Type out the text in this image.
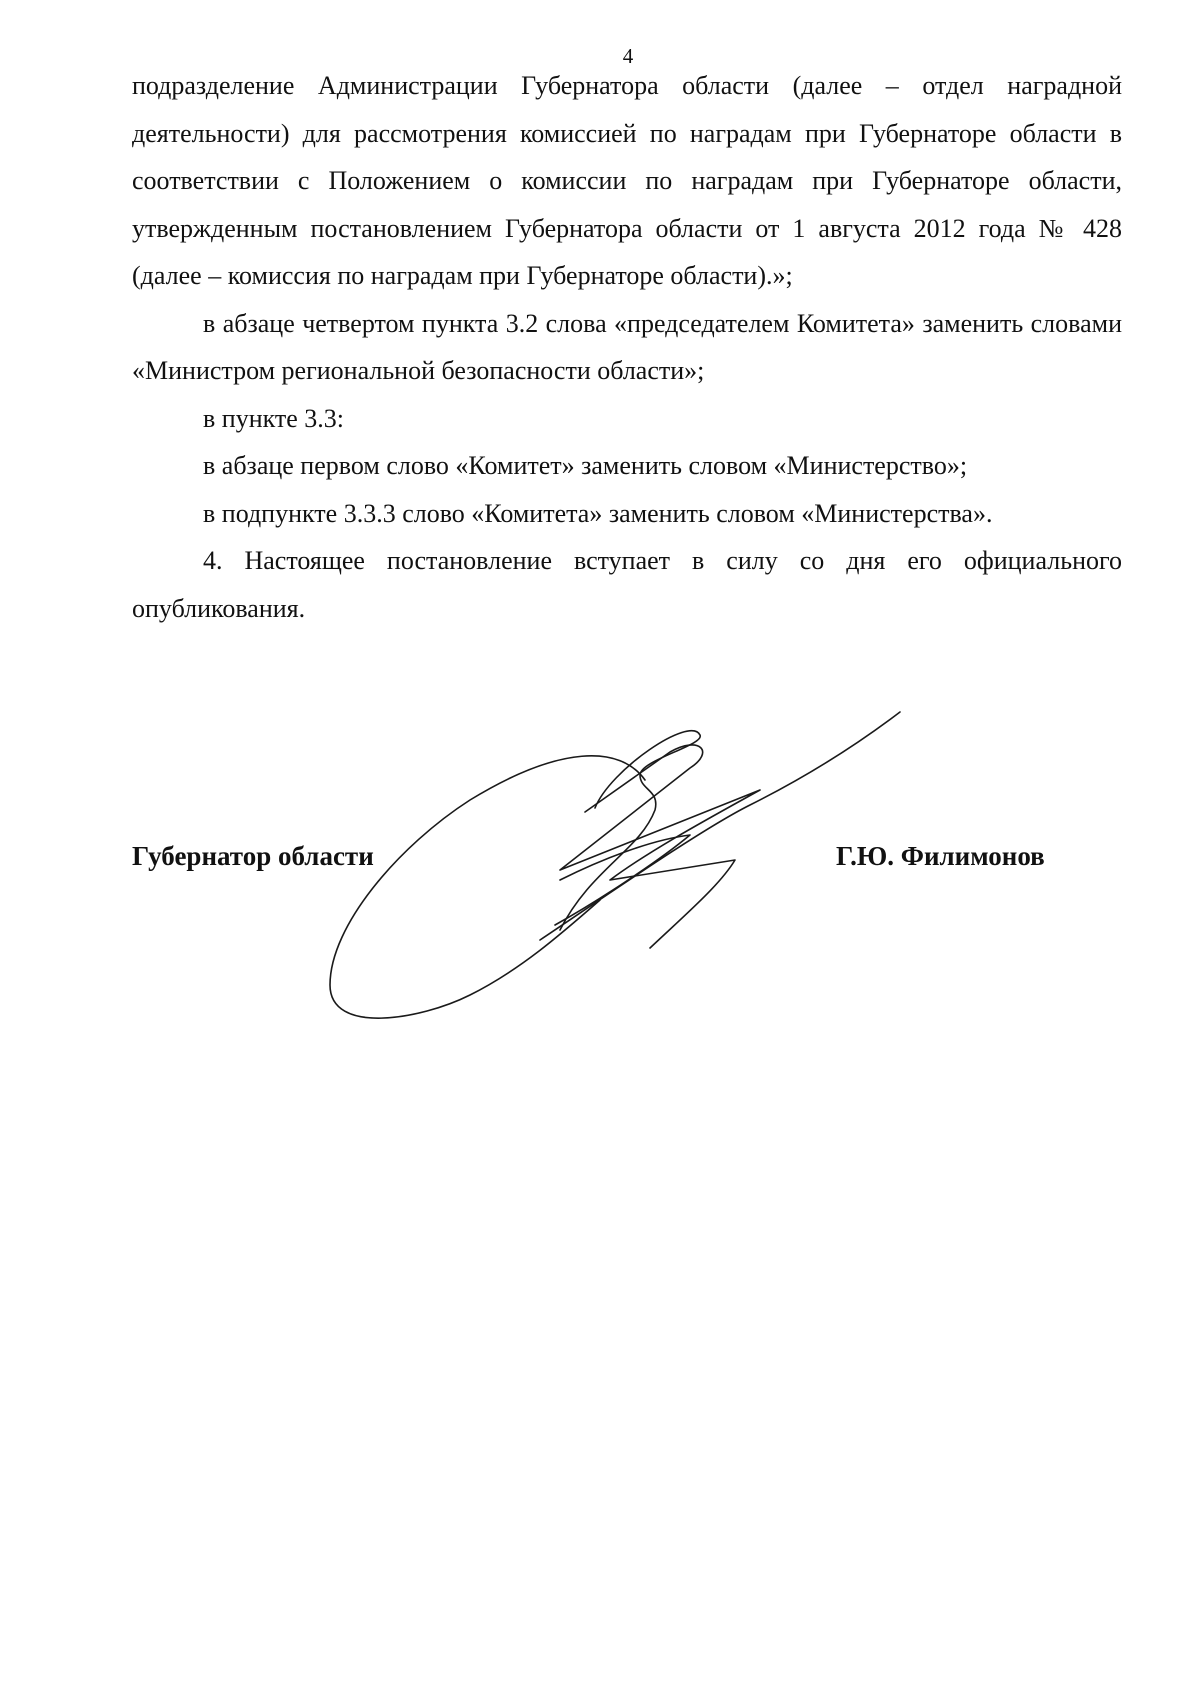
4

подразделение Администрации Губернатора области (далее – отдел наградной деятельности) для рассмотрения комиссией по наградам при Губернаторе области в соответствии с Положением о комиссии по наградам при Губернаторе области, утвержденным постановлением Губернатора области от 1 августа 2012 года № 428 (далее – комиссия по наградам при Губернаторе области).»;

в абзаце четвертом пункта 3.2 слова «председателем Комитета» заменить словами «Министром региональной безопасности области»;

в пункте 3.3:

в абзаце первом слово «Комитет» заменить словом «Министерство»;

в подпункте 3.3.3 слово «Комитета» заменить словом «Министерства».

4. Настоящее постановление вступает в силу со дня его официального опубликования.

Губернатор области	Г.Ю. Филимонов
